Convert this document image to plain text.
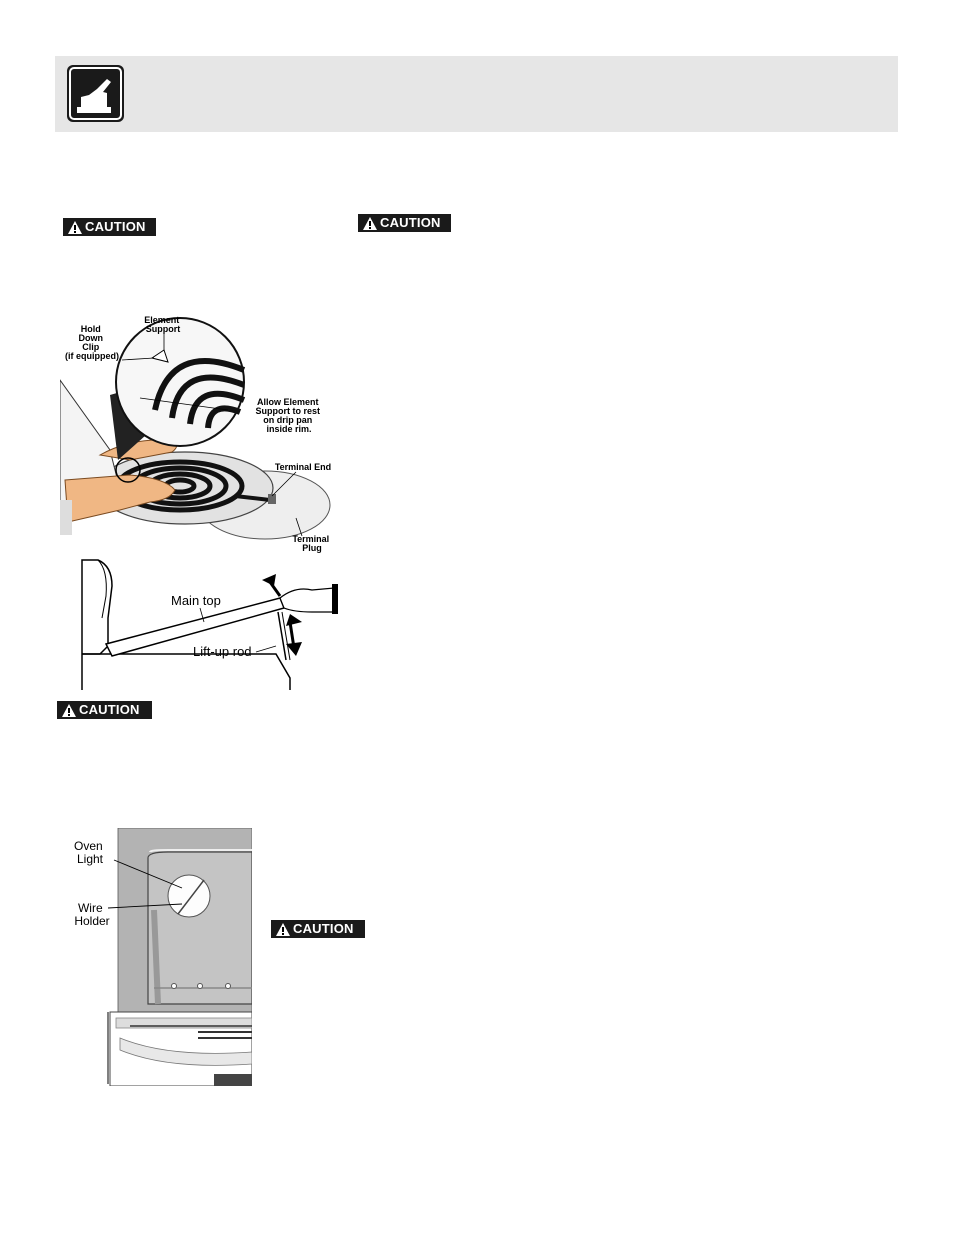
CAUTION	CAUTION
CAUTION
CAUTION
Hold Down Clip (if equipped)
Element Support
Allow Element Support to rest on drip pan inside rim.
Terminal End
Terminal Plug
Main top
Lift-up rod
Oven Light
Wire Holder
